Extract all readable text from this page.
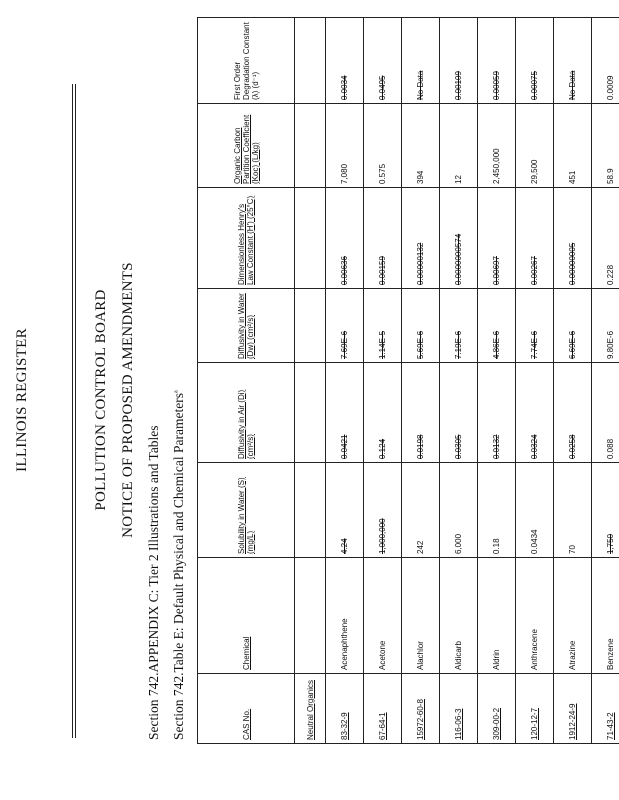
ILLINOIS REGISTER	POLLUTION CONTROL BOARD NOTICE OF PROPOSED AMENDMENTS
Section 742.APPENDIX C: Tier 2 Illustrations and Tables Section 742.Table E: Default Physical and Chemical Parameters$^a$
CAS No.	Chemical	Solubility in Water (S) (mg/L)	Diffusivity in Air (Di) (cm²/s)	Diffusivity in Water (Dw) (cm²/s)	Dimensionless Henry's Law Constant (H') (25°C)	Organic Carbon Partition Coefficient (Koc) (L/kg)	First Order Degradation Constant (λ) (d⁻¹)
Neutral Organics							
83-32-9	Acenaphthene	4.24	0.0421	7.69E-6	0.00636	7,080	0.0034
67-64-1	Acetone	1,000,000	0.124	1.14E-5	0.00159	0.575	0.0495
15972-60-8	Alachlor	242	0.0198	5.69E-6	0.00000132	394	No Data
116-06-3	Aldicarb	6,000	0.0305	7.19E-6	0.0000000574	12	0.00109
309-00-2	Aldrin	0.18	0.0132	4.86E-6	0.00697	2,450,000	0.00059
120-12-7	Anthracene	0.0434	0.0324	7.74E-6	0.00267	29,500	0.00075
1912-24-9	Atrazine	70	0.0258	6.69E-6	0.00000005	451	No Data
71-43-2	Benzene	1,750	0.088	9.80E-6	0.228	58.9	0.0009
